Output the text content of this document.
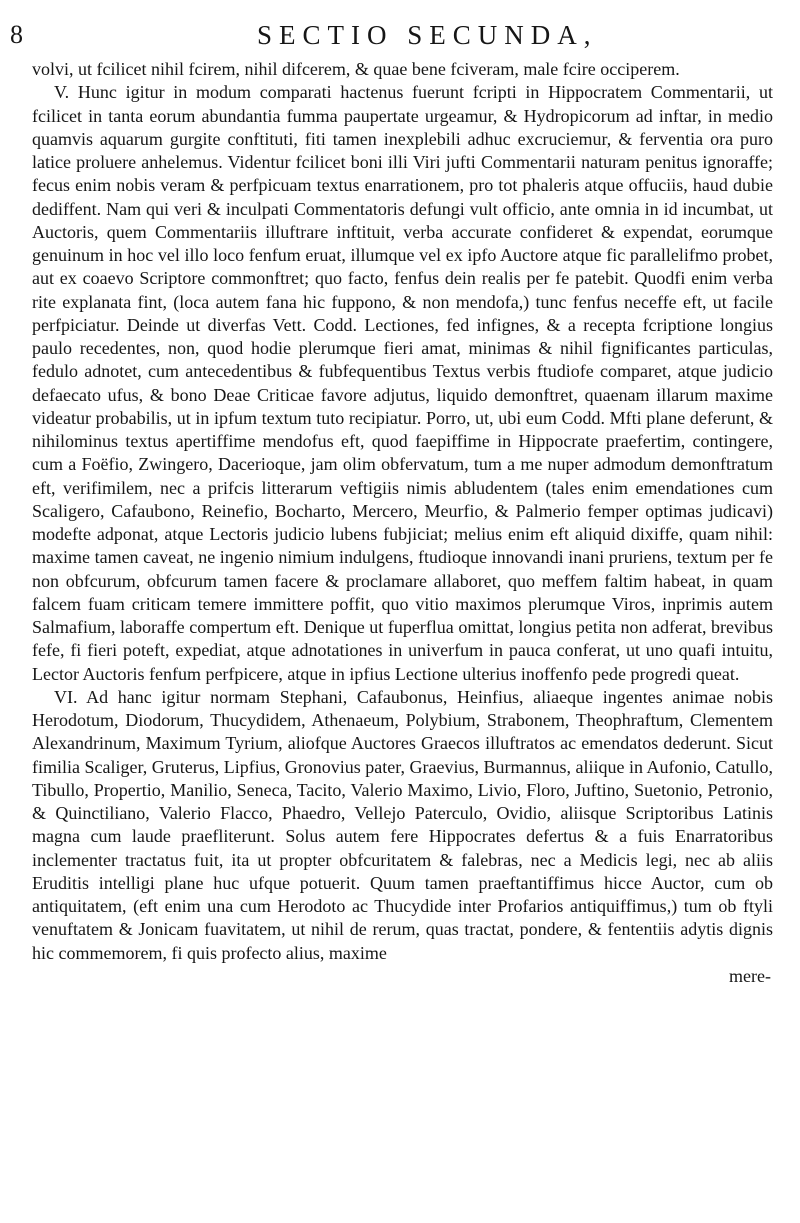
8	SECTIO SECUNDA,

volvi, ut fcilicet nihil fcirem, nihil difcerem, & quae bene fciveram, male fcire occiperem.

V. Hunc igitur in modum comparati hactenus fuerunt fcripti in Hippocratem Commentarii, ut fcilicet in tanta eorum abundantia fumma paupertate urgeamur, & Hydropicorum ad inftar, in medio quamvis aquarum gurgite conftituti, fiti tamen inexplebili adhuc excruciemur, & ferventia ora puro latice proluere anhelemus. Videntur fcilicet boni illi Viri jufti Commentarii naturam penitus ignoraffe; fecus enim nobis veram & perfpicuam textus enarrationem, pro tot phaleris atque offuciis, haud dubie dediffent. Nam qui veri & inculpati Commentatoris defungi vult officio, ante omnia in id incumbat, ut Auctoris, quem Commentariis illuftrare inftituit, verba accurate confideret & expendat, eorumque genuinum in hoc vel illo loco fenfum eruat, illumque vel ex ipfo Auctore atque fic parallelifmo probet, aut ex coaevo Scriptore commonftret; quo facto, fenfus dein realis per fe patebit. Quodfi enim verba rite explanata fint, (loca autem fana hic fuppono, & non mendofa,) tunc fenfus neceffe eft, ut facile perfpiciatur. Deinde ut diverfas Vett. Codd. Lectiones, fed infignes, & a recepta fcriptione longius paulo recedentes, non, quod hodie plerumque fieri amat, minimas & nihil fignificantes particulas, fedulo adnotet, cum antecedentibus & fubfequentibus Textus verbis ftudiofe comparet, atque judicio defaecato ufus, & bono Deae Criticae favore adjutus, liquido demonftret, quaenam illarum maxime videatur probabilis, ut in ipfum textum tuto recipiatur. Porro, ut, ubi eum Codd. Mfti plane deferunt, & nihilominus textus apertiffime mendofus eft, quod faepiffime in Hippocrate praefertim, contingere, cum a Foëfio, Zwingero, Dacerioque, jam olim obfervatum, tum a me nuper admodum demonftratum eft, verifimilem, nec a prifcis litterarum veftigiis nimis abludentem (tales enim emendationes cum Scaligero, Cafaubono, Reinefio, Bocharto, Mercero, Meurfio, & Palmerio femper optimas judicavi) modefte adponat, atque Lectoris judicio lubens fubjiciat; melius enim eft aliquid dixiffe, quam nihil: maxime tamen caveat, ne ingenio nimium indulgens, ftudioque innovandi inani pruriens, textum per fe non obfcurum, obfcurum tamen facere & proclamare allaboret, quo meffem faltim habeat, in quam falcem fuam criticam temere immittere poffit, quo vitio maximos plerumque Viros, inprimis autem Salmafium, laboraffe compertum eft. Denique ut fuperflua omittat, longius petita non adferat, brevibus fefe, fi fieri poteft, expediat, atque adnotationes in univerfum in pauca conferat, ut uno quafi intuitu, Lector Auctoris fenfum perfpicere, atque in ipfius Lectione ulterius inoffenfo pede progredi queat.

VI. Ad hanc igitur normam Stephani, Cafaubonus, Heinfius, aliaeque ingentes animae nobis Herodotum, Diodorum, Thucydidem, Athenaeum, Polybium, Strabonem, Theophraftum, Clementem Alexandrinum, Maximum Tyrium, aliofque Auctores Graecos illuftratos ac emendatos dederunt. Sicut fimilia Scaliger, Gruterus, Lipfius, Gronovius pater, Graevius, Burmannus, aliique in Aufonio, Catullo, Tibullo, Propertio, Manilio, Seneca, Tacito, Valerio Maximo, Livio, Floro, Juftino, Suetonio, Petronio, & Quinctiliano, Valerio Flacco, Phaedro, Vellejo Paterculo, Ovidio, aliisque Scriptoribus Latinis magna cum laude praefliterunt. Solus autem fere Hippocrates defertus & a fuis Enarratoribus inclementer tractatus fuit, ita ut propter obfcuritatem & falebras, nec a Medicis legi, nec ab aliis Eruditis intelligi plane huc ufque potuerit. Quum tamen praeftantiffimus hicce Auctor, cum ob antiquitatem, (eft enim una cum Herodoto ac Thucydide inter Profarios antiquiffimus,) tum ob ftyli venuftatem & Jonicam fuavitatem, ut nihil de rerum, quas tractat, pondere, & fententiis adytis dignis hic commemorem, fi quis profecto alius, maxime

mere-
